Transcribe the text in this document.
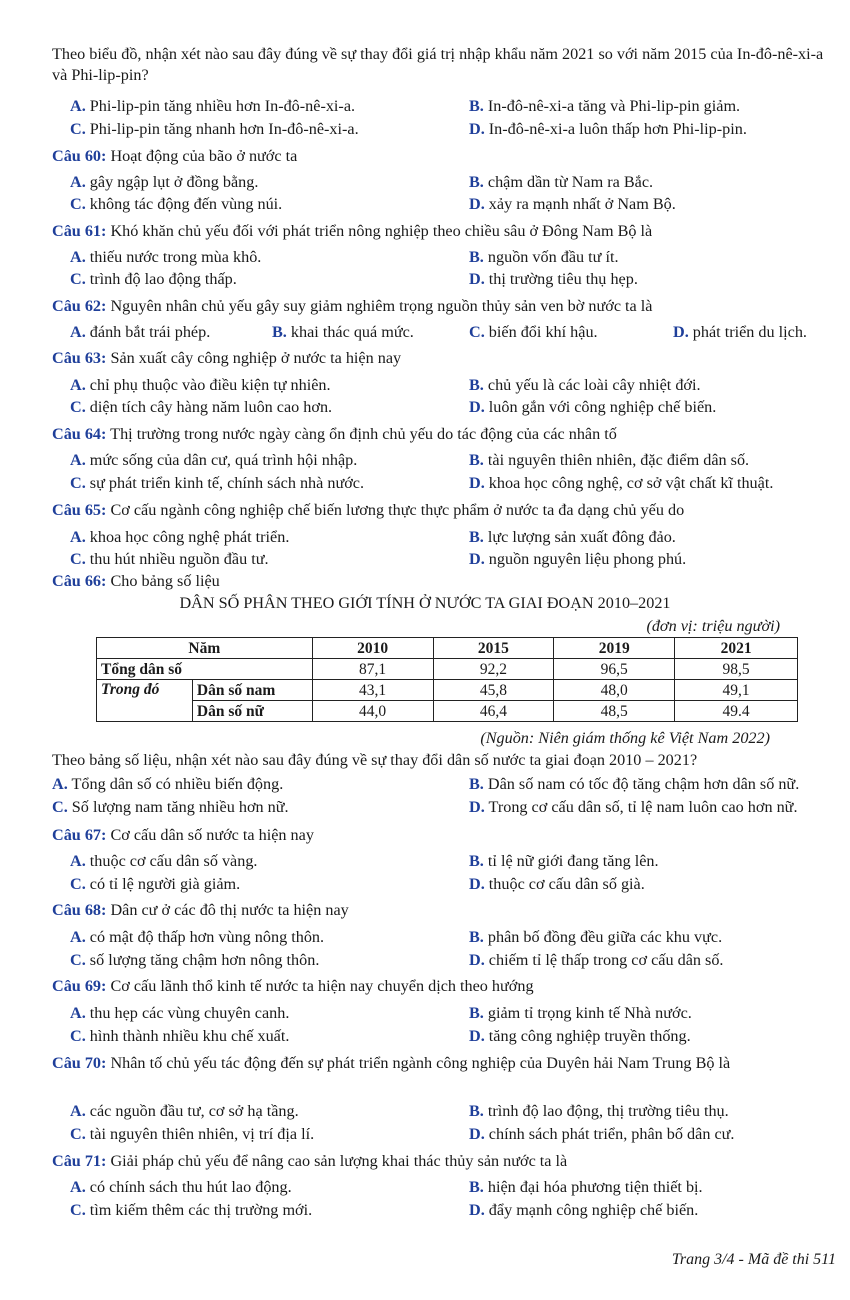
Theo biểu đồ, nhận xét nào sau đây đúng về sự thay đổi giá trị nhập khẩu năm 2021 so với năm 2015 của In-đô-nê-xi-a và Phi-lip-pin?
A. Phi-lip-pin tăng nhiều hơn In-đô-nê-xi-a.	B. In-đô-nê-xi-a tăng và Phi-lip-pin giảm.
C. Phi-lip-pin tăng nhanh hơn In-đô-nê-xi-a.	D. In-đô-nê-xi-a luôn thấp hơn Phi-lip-pin.
Câu 60: Hoạt động của bão ở nước ta
A. gây ngập lụt ở đồng bằng.	B. chậm dần từ Nam ra Bắc.
C. không tác động đến vùng núi.	D. xảy ra mạnh nhất ở Nam Bộ.
Câu 61: Khó khăn chủ yếu đối với phát triển nông nghiệp theo chiều sâu ở Đông Nam Bộ là
A. thiếu nước trong mùa khô.	B. nguồn vốn đầu tư ít.
C. trình độ lao động thấp.	D. thị trường tiêu thụ hẹp.
Câu 62: Nguyên nhân chủ yếu gây suy giảm nghiêm trọng nguồn thủy sản ven bờ nước ta là
A. đánh bắt trái phép.	B. khai thác quá mức.	C. biến đổi khí hậu.	D. phát triển du lịch.
Câu 63: Sản xuất cây công nghiệp ở nước ta hiện nay
A. chỉ phụ thuộc vào điều kiện tự nhiên.	B. chủ yếu là các loài cây nhiệt đới.
C. diện tích cây hàng năm luôn cao hơn.	D. luôn gắn với công nghiệp chế biến.
Câu 64: Thị trường trong nước ngày càng ổn định chủ yếu do tác động của các nhân tố
A. mức sống của dân cư, quá trình hội nhập.	B. tài nguyên thiên nhiên, đặc điểm dân số.
C. sự phát triển kinh tế, chính sách nhà nước.	D. khoa học công nghệ, cơ sở vật chất kĩ thuật.
Câu 65: Cơ cấu ngành công nghiệp chế biến lương thực thực phẩm ở nước ta đa dạng chủ yếu do
A. khoa học công nghệ phát triển.	B. lực lượng sản xuất đông đảo.
C. thu hút nhiều nguồn đầu tư.	D. nguồn nguyên liệu phong phú.
Câu 66: Cho bảng số liệu
DÂN SỐ PHÂN THEO GIỚI TÍNH Ở NƯỚC TA GIAI ĐOẠN 2010–2021
(đơn vị: triệu người)
Năm		2010	2015	2019	2021
Tổng dân số		87,1	92,2	96,5	98,5
Trong đó	Dân số nam	43,1	45,8	48,0	49,1
	Dân số nữ	44,0	46,4	48,5	49.4
(Nguồn: Niên giám thống kê Việt Nam 2022)
Theo bảng số liệu, nhận xét nào sau đây đúng về sự thay đổi dân số nước ta giai đoạn 2010 – 2021?
A. Tổng dân số có nhiều biến động.	B. Dân số nam có tốc độ tăng chậm hơn dân số nữ.
C. Số lượng nam tăng nhiều hơn nữ.	D. Trong cơ cấu dân số, tỉ lệ nam luôn cao hơn nữ.
Câu 67: Cơ cấu dân số nước ta hiện nay
A. thuộc cơ cấu dân số vàng.	B. tỉ lệ nữ giới đang tăng lên.
C. có tỉ lệ người già giảm.	D. thuộc cơ cấu dân số già.
Câu 68: Dân cư ở các đô thị nước ta hiện nay
A. có mật độ thấp hơn vùng nông thôn.	B. phân bố đồng đều giữa các khu vực.
C. số lượng tăng chậm hơn nông thôn.	D. chiếm tỉ lệ thấp trong cơ cấu dân số.
Câu 69: Cơ cấu lãnh thổ kinh tế nước ta hiện nay chuyển dịch theo hướng
A. thu hẹp các vùng chuyên canh.	B. giảm tỉ trọng kinh tế Nhà nước.
C. hình thành nhiều khu chế xuất.	D. tăng công nghiệp truyền thống.
Câu 70: Nhân tố chủ yếu tác động đến sự phát triển ngành công nghiệp của Duyên hải Nam Trung Bộ là
A. các nguồn đầu tư, cơ sở hạ tầng.	B. trình độ lao động, thị trường tiêu thụ.
C. tài nguyên thiên nhiên, vị trí địa lí.	D. chính sách phát triển, phân bố dân cư.
Câu 71: Giải pháp chủ yếu để nâng cao sản lượng khai thác thủy sản nước ta là
A. có chính sách thu hút lao động.	B. hiện đại hóa phương tiện thiết bị.
C. tìm kiếm thêm các thị trường mới.	D. đẩy mạnh công nghiệp chế biến.
Trang 3/4 - Mã đề thi 511
